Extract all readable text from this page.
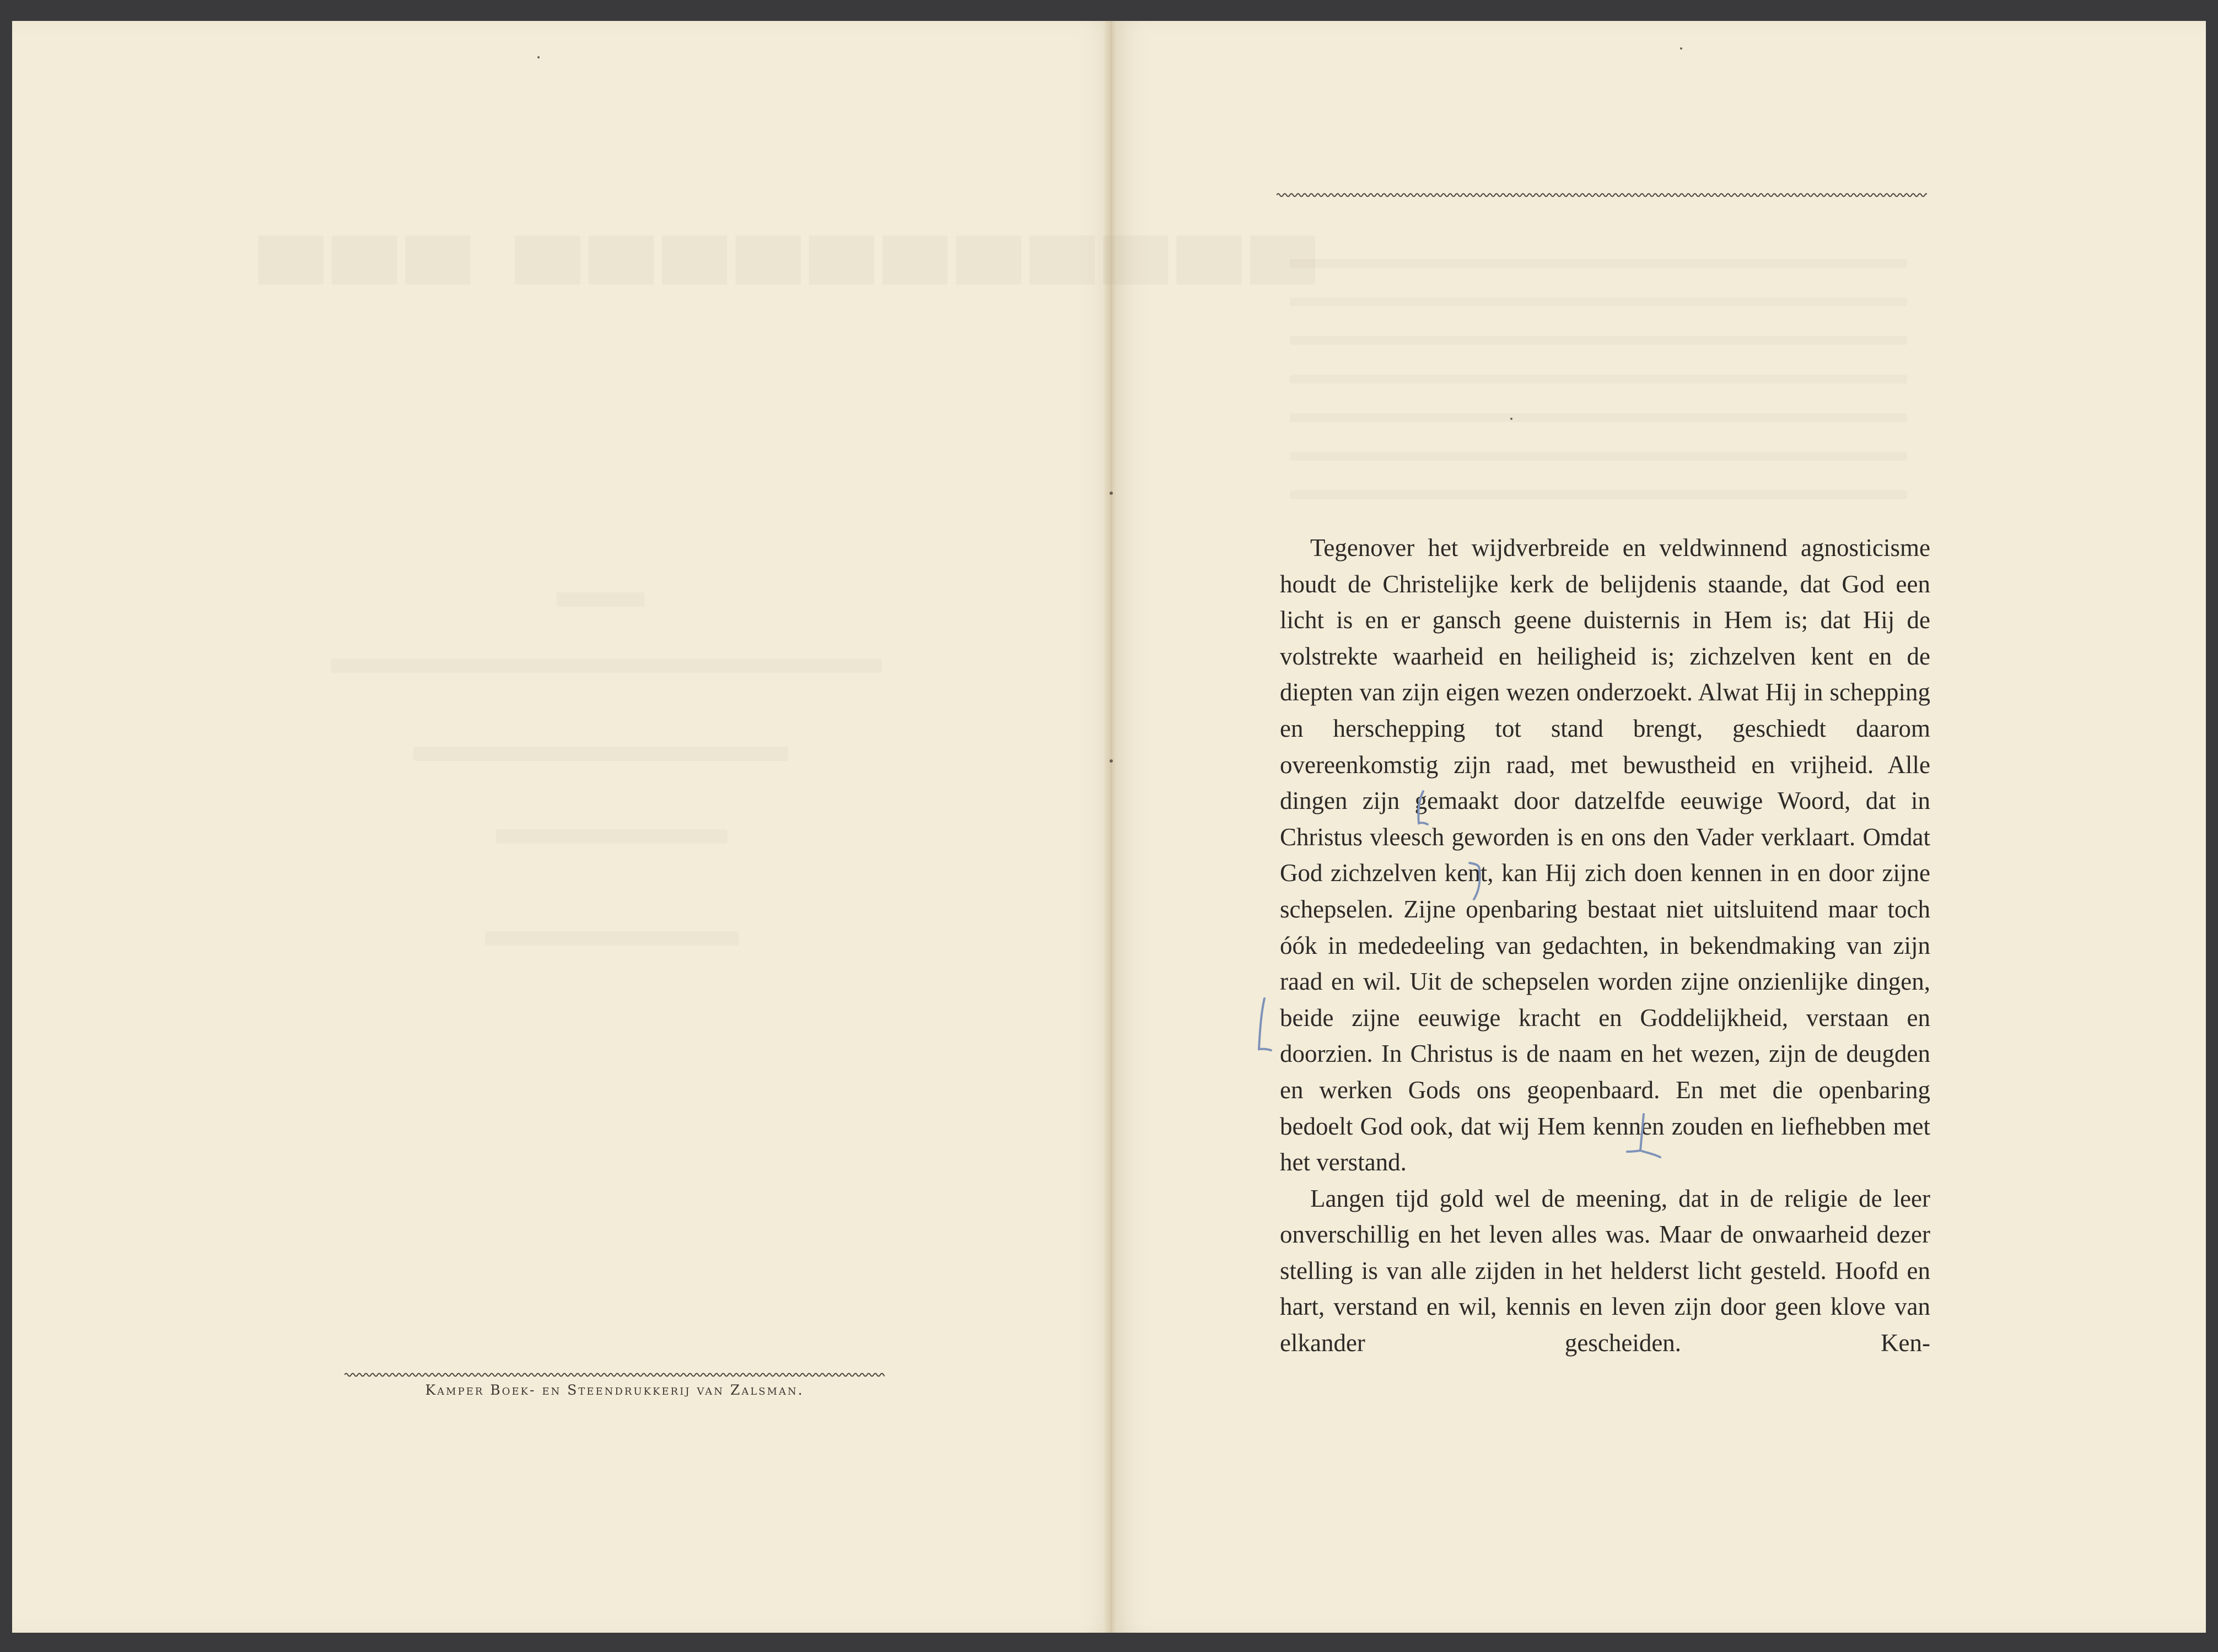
▀▀▀ ▀▀▀▀▀▀▀▀▀▀▀
Kamper Boek- en Steendrukkerij van Zalsman.

Tegenover het wijdverbreide en veldwinnend agnosticisme houdt de Christelijke kerk de belijdenis staande, dat God een licht is en er gansch geene duisternis in Hem is; dat Hij de volstrekte waarheid en heiligheid is; zichzelven kent en de diepten van zijn eigen wezen onderzoekt. Alwat Hij in schepping en herschepping tot stand brengt, geschiedt daarom overeenkomstig zijn raad, met bewustheid en vrijheid. Alle dingen zijn gemaakt door datzelfde eeuwige Woord, dat in Christus vleesch geworden is en ons den Vader verklaart. Omdat God zichzelven kent, kan Hij zich doen kennen in en door zijne schepselen. Zijne openbaring bestaat niet uitsluitend maar toch óók in mededeeling van gedachten, in bekendmaking van zijn raad en wil. Uit de schepselen worden zijne onzienlijke dingen, beide zijne eeuwige kracht en Goddelijkheid, verstaan en doorzien. In Christus is de naam en het wezen, zijn de deugden en werken Gods ons geopenbaard. En met die openbaring bedoelt God ook, dat wij Hem kennen zouden en liefhebben met het verstand.

Langen tijd gold wel de meening, dat in de religie de leer onverschillig en het leven alles was. Maar de onwaarheid dezer stelling is van alle zijden in het helderst licht gesteld. Hoofd en hart, verstand en wil, kennis en leven zijn door geen klove van elkander gescheiden. Ken-
